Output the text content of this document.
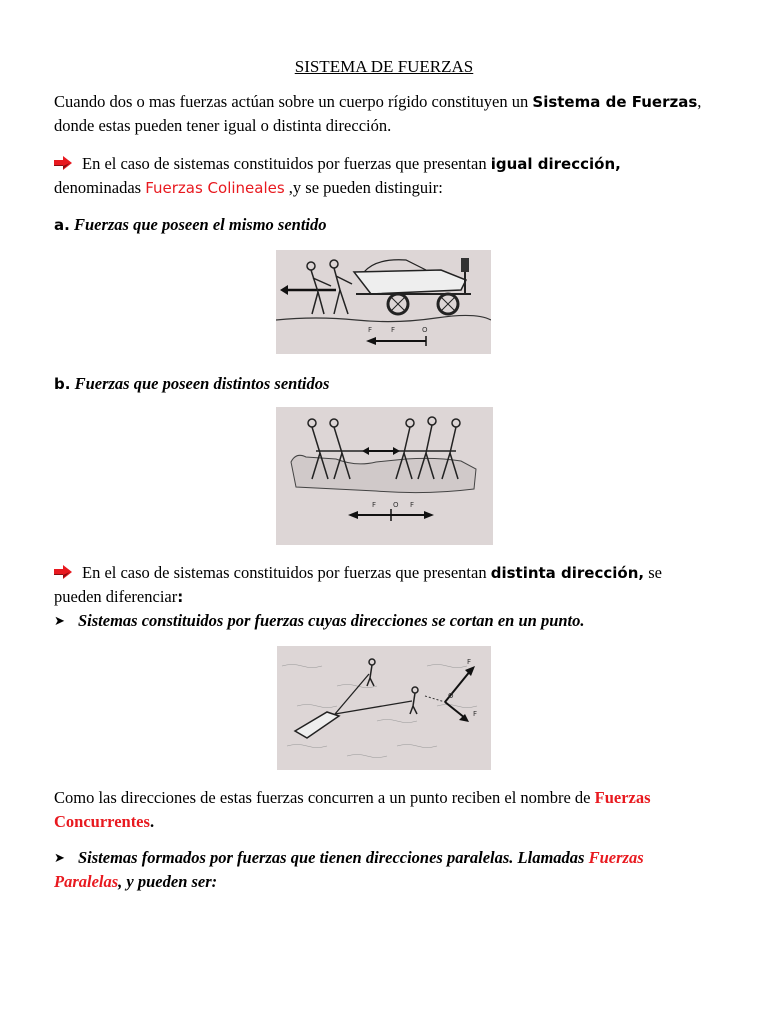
SISTEMA DE FUERZAS
Cuando dos o mas fuerzas actúan sobre un cuerpo rígido constituyen un Sistema de Fuerzas,
donde estas pueden tener igual o distinta dirección.
En el caso de sistemas constituidos por fuerzas que presentan igual dirección,
denominadas Fuerzas Colineales ,y se pueden distinguir:
a. Fuerzas que poseen el mismo sentido
F	F	O
b. Fuerzas que poseen distintos sentidos
F O F
En el caso de sistemas constituidos por fuerzas que presentan distinta dirección, se
pueden diferenciar:
➤ Sistemas constituidos por fuerzas cuyas direcciones se cortan en un punto.
F
O
F
Como las direcciones de estas fuerzas concurren a un punto reciben el nombre de Fuerzas
Concurrentes.
➤ Sistemas formados por fuerzas que tienen direcciones paralelas. Llamadas Fuerzas
Paralelas, y pueden ser:
